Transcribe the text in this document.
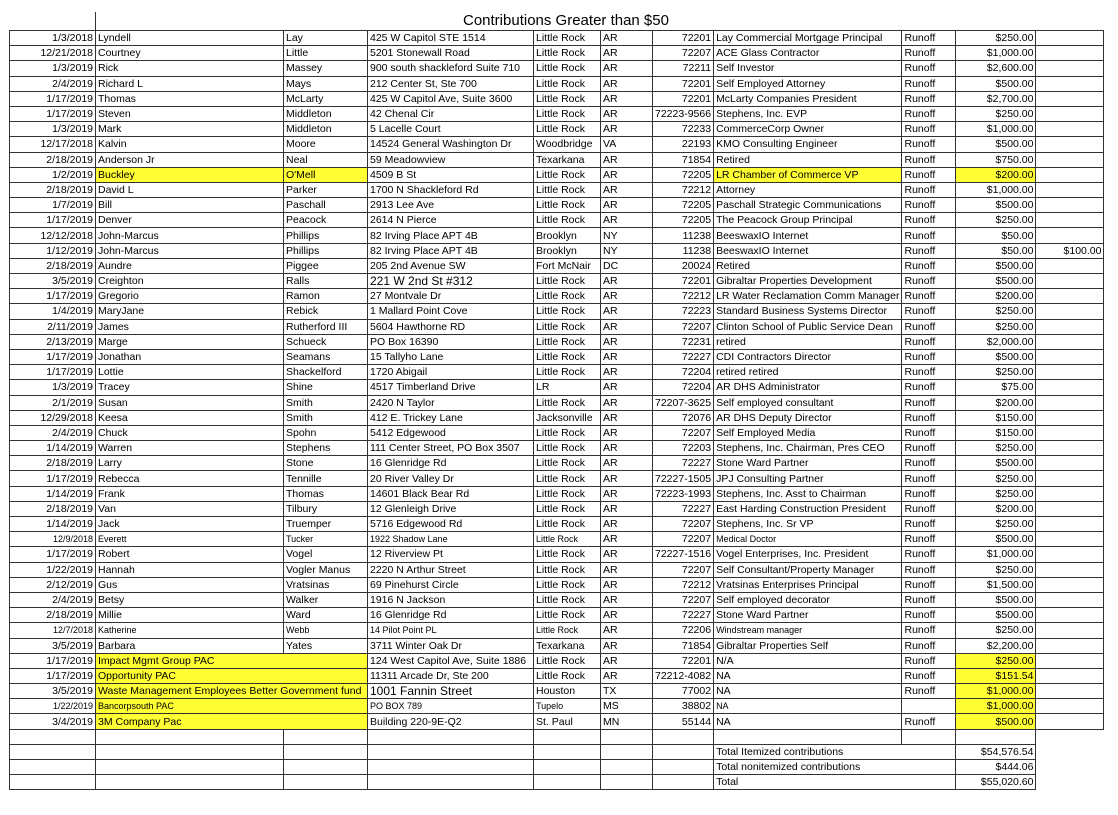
	Contributions Greater than $50									
1/3/2018	Lyndell	Lay	425 W Capitol STE 1514	Little Rock	AR	72201	Lay Commercial Mortgage Principal	Runoff	$250.00	
12/21/2018	Courtney	Little	5201 Stonewall Road	Little Rock	AR	72207	ACE Glass Contractor	Runoff	$1,000.00	
1/3/2019	Rick	Massey	900 south shackleford Suite 710	Little Rock	AR	72211	Self Investor	Runoff	$2,600.00	
2/4/2019	Richard L	Mays	212 Center St, Ste 700	Little Rock	AR	72201	Self Employed Attorney	Runoff	$500.00	
1/17/2019	Thomas	McLarty	425 W Capitol Ave, Suite 3600	Little Rock	AR	72201	McLarty Companies President	Runoff	$2,700.00	
1/17/2019	Steven	Middleton	42 Chenal Cir	Little Rock	AR	72223-9566	Stephens, Inc. EVP	Runoff	$250.00	
1/3/2019	Mark	Middleton	5 Lacelle Court	Little Rock	AR	72233	CommerceCorp Owner	Runoff	$1,000.00	
12/17/2018	Kalvin	Moore	14524 General Washington Dr	Woodbridge	VA	22193	KMO Consulting Engineer	Runoff	$500.00	
2/18/2019	Anderson Jr	Neal	59 Meadowview	Texarkana	AR	71854	Retired	Runoff	$750.00	
1/2/2019	Buckley	O'Mell	4509 B St	Little Rock	AR	72205	LR Chamber of Commerce VP	Runoff	$200.00	
2/18/2019	David L	Parker	1700 N Shackleford Rd	Little Rock	AR	72212	Attorney	Runoff	$1,000.00	
1/7/2019	Bill	Paschall	2913 Lee Ave	Little Rock	AR	72205	Paschall Strategic Communications	Runoff	$500.00	
1/17/2019	Denver	Peacock	2614 N Pierce	Little Rock	AR	72205	The Peacock Group Principal	Runoff	$250.00	
12/12/2018	John-Marcus	Phillips	82 Irving Place APT 4B	Brooklyn	NY	11238	BeeswaxIO Internet	Runoff	$50.00	
1/12/2019	John-Marcus	Phillips	82 Irving Place APT 4B	Brooklyn	NY	11238	BeeswaxIO Internet	Runoff	$50.00	$100.00
2/18/2019	Aundre	Piggee	205 2nd Avenue SW	Fort McNair	DC	20024	Retired	Runoff	$500.00	
3/5/2019	Creighton	Ralls	221 W 2nd St #312	Little Rock	AR	72201	Gibraltar Properties Development	Runoff	$500.00	
1/17/2019	Gregorio	Ramon	27 Montvale Dr	Little Rock	AR	72212	LR Water Reclamation Comm Manager	Runoff	$200.00	
1/4/2019	MaryJane	Rebick	1 Mallard Point Cove	Little Rock	AR	72223	Standard Business Systems Director	Runoff	$250.00	
2/11/2019	James	Rutherford III	5604 Hawthorne RD	Little Rock	AR	72207	Clinton School of Public Service Dean	Runoff	$250.00	
2/13/2019	Marge	Schueck	PO Box 16390	Little Rock	AR	72231	retired	Runoff	$2,000.00	
1/17/2019	Jonathan	Seamans	15 Tallyho Lane	Little Rock	AR	72227	CDI Contractors Director	Runoff	$500.00	
1/17/2019	Lottie	Shackelford	1720 Abigail	Little Rock	AR	72204	retired retired	Runoff	$250.00	
1/3/2019	Tracey	Shine	4517 Timberland Drive	LR	AR	72204	AR DHS Administrator	Runoff	$75.00	
2/1/2019	Susan	Smith	2420 N Taylor	Little Rock	AR	72207-3625	Self employed consultant	Runoff	$200.00	
12/29/2018	Keesa	Smith	412 E. Trickey Lane	Jacksonville	AR	72076	AR DHS Deputy Director	Runoff	$150.00	
2/4/2019	Chuck	Spohn	5412 Edgewood	Little Rock	AR	72207	Self Employed Media	Runoff	$150.00	
1/14/2019	Warren	Stephens	111 Center Street, PO Box 3507	Little Rock	AR	72203	Stephens, Inc. Chairman, Pres CEO	Runoff	$250.00	
2/18/2019	Larry	Stone	16 Glenridge Rd	Little Rock	AR	72227	Stone Ward Partner	Runoff	$500.00	
1/17/2019	Rebecca	Tennille	20 River Valley Dr	Little Rock	AR	72227-1505	JPJ Consulting Partner	Runoff	$250.00	
1/14/2019	Frank	Thomas	14601 Black Bear Rd	Little Rock	AR	72223-1993	Stephens, Inc. Asst to Chairman	Runoff	$250.00	
2/18/2019	Van	Tilbury	12 Glenleigh Drive	Little Rock	AR	72227	East Harding Construction President	Runoff	$200.00	
1/14/2019	Jack	Truemper	5716 Edgewood Rd	Little Rock	AR	72207	Stephens, Inc. Sr VP	Runoff	$250.00	
12/9/2018	Everett	Tucker	1922 Shadow Lane	Little Rock	AR	72207	Medical Doctor	Runoff	$500.00	
1/17/2019	Robert	Vogel	12 Riverview Pt	Little Rock	AR	72227-1516	Vogel Enterprises, Inc. President	Runoff	$1,000.00	
1/22/2019	Hannah	Vogler Manus	2220 N Arthur Street	Little Rock	AR	72207	Self Consultant/Property Manager	Runoff	$250.00	
2/12/2019	Gus	Vratsinas	69 Pinehurst Circle	Little Rock	AR	72212	Vratsinas Enterprises Principal	Runoff	$1,500.00	
2/4/2019	Betsy	Walker	1916 N Jackson	Little Rock	AR	72207	Self employed decorator	Runoff	$500.00	
2/18/2019	Millie	Ward	16 Glenridge Rd	Little Rock	AR	72227	Stone Ward Partner	Runoff	$500.00	
12/7/2018	Katherine	Webb	14 Pilot Point PL	Little Rock	AR	72206	Windstream manager	Runoff	$250.00	
3/5/2019	Barbara	Yates	3711 Winter Oak Dr	Texarkana	AR	71854	Gibraltar Properties Self	Runoff	$2,200.00	
1/17/2019	Impact Mgmt Group PAC		124 West Capitol Ave, Suite 1886	Little Rock	AR	72201	N/A	Runoff	$250.00	
1/17/2019	Opportunity PAC		11311 Arcade Dr, Ste 200	Little Rock	AR	72212-4082	NA	Runoff	$151.54	
3/5/2019	Waste Management Employees Better Government fund		1001 Fannin Street	Houston	TX	77002	NA	Runoff	$1,000.00	
1/22/2019	Bancorpsouth PAC		PO BOX 789	Tupelo	MS	38802	NA		$1,000.00	
3/4/2019	3M Company Pac		Building 220-9E-Q2	St. Paul	MN	55144	NA	Runoff	$500.00	

							Total Itemized contributions		$54,576.54	
							Total nonitemized contributions		$444.06	
							Total		$55,020.60	
